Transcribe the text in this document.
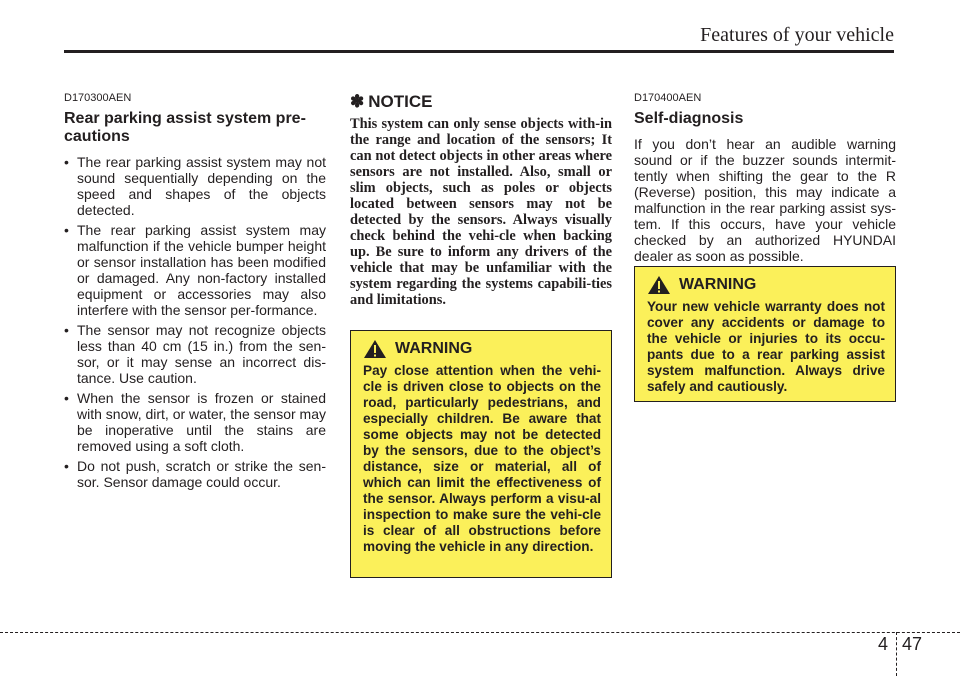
Features of your vehicle
D170300AEN
Rear parking assist system pre-cautions
• The rear parking assist system may not sound sequentially depending on the speed and shapes of the objects detected.
• The rear parking assist system may malfunction if the vehicle bumper height or sensor installation has been modified or damaged. Any non-factory installed equipment or accessories may also interfere with the sensor per-formance.
• The sensor may not recognize objects less than 40 cm (15 in.) from the sen-sor, or it may sense an incorrect dis-tance. Use caution.
• When the sensor is frozen or stained with snow, dirt, or water, the sensor may be inoperative until the stains are removed using a soft cloth.
• Do not push, scratch or strike the sen-sor. Sensor damage could occur.
✽ NOTICE

This system can only sense objects with-in the range and location of the sensors; It can not detect objects in other areas where sensors are not installed. Also, small or slim objects, such as poles or objects located between sensors may not be detected by the sensors. Always visually check behind the vehi-cle when backing up. Be sure to inform any drivers of the vehicle that may be unfamiliar with the system regarding the systems capabili-ties and limitations.

WARNING

Pay close attention when the vehi-cle is driven close to objects on the road, particularly pedestrians, and especially children. Be aware that some objects may not be detected by the sensors, due to the object’s distance, size or material, all of which can limit the effectiveness of the sensor. Always perform a visu-al inspection to make sure the vehi-cle is clear of all obstructions before moving the vehicle in any direction.

D170400AEN
Self-diagnosis

If you don’t hear an audible warning sound or if the buzzer sounds intermit-tently when shifting the gear to the R (Reverse) position, this may indicate a malfunction in the rear parking assist sys-tem. If this occurs, have your vehicle checked by an authorized HYUNDAI dealer as soon as possible.

WARNING

Your new vehicle warranty does not cover any accidents or damage to the vehicle or injuries to its occu-pants due to a rear parking assist system malfunction. Always drive safely and cautiously.

4 47
